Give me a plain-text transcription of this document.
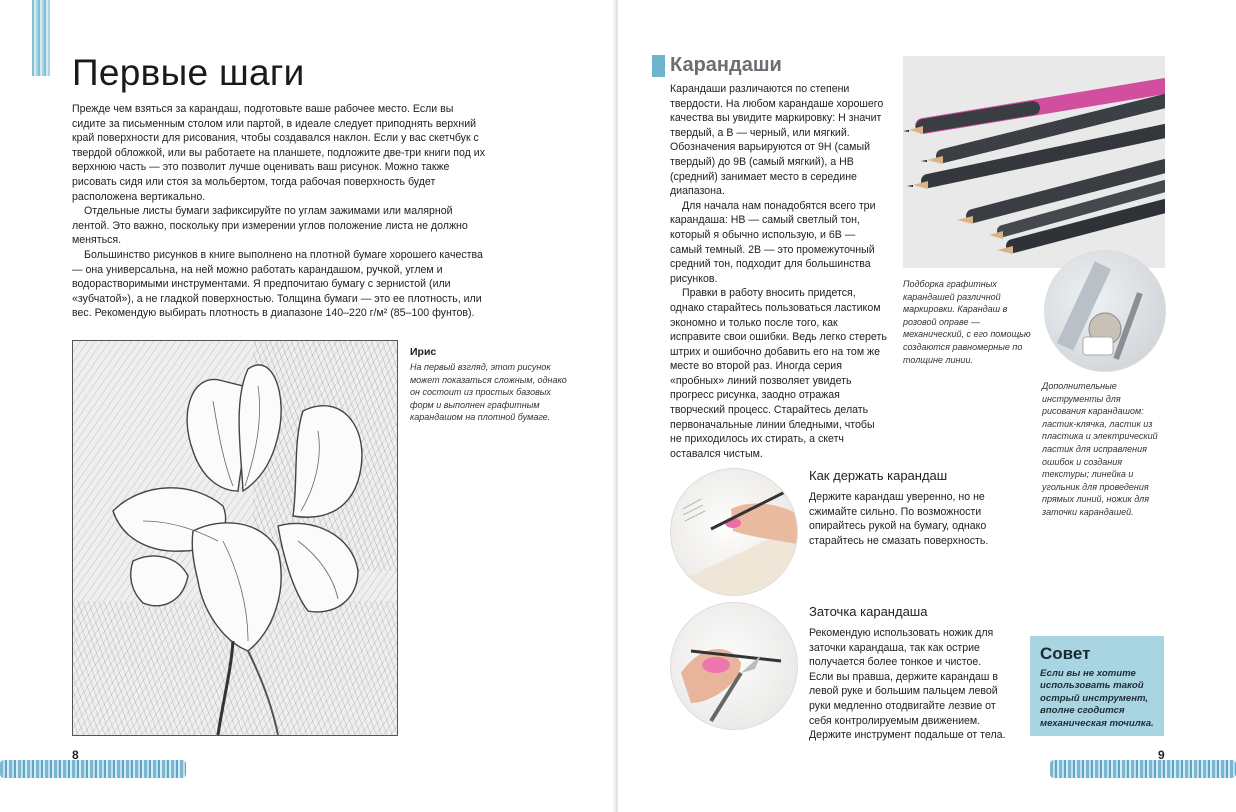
Первые шаги

Прежде чем взяться за карандаш, подготовьте ваше рабочее место. Если вы сидите за письменным столом или партой, в идеале следует приподнять верхний край поверхности для рисования, чтобы создавался наклон. Если у вас скетчбук с твердой обложкой, или вы работаете на планшете, подложите две-три книги под их верхнюю часть — это позволит лучше оценивать ваш рисунок. Можно также рисовать сидя или стоя за мольбертом, тогда рабочая поверхность будет расположена вертикально.

Отдельные листы бумаги зафиксируйте по углам зажимами или малярной лентой. Это важно, поскольку при измерении углов положение листа не должно меняться.

Большинство рисунков в книге выполнено на плотной бумаге хорошего качества — она универсальна, на ней можно работать карандашом, ручкой, углем и водорастворимыми инструментами. Я предпочитаю бумагу с зернистой (или «зубчатой»), а не гладкой поверхностью. Толщина бумаги — это ее плотность, или вес. Рекомендую выбирать плотность в диапазоне 140–220 г/м² (85–100 фунтов).

Ирис
На первый взгляд, этот рисунок может показаться сложным, однако он состоит из простых базовых форм и выполнен графитным карандашом на плотной бумаге.
8
Карандаши

Карандаши различаются по степени твердости. На любом карандаше хорошего качества вы увидите маркировку: H значит твердый, а B — черный, или мягкий. Обозначения варьируются от 9H (самый твердый) до 9B (самый мягкий), а HB (средний) занимает место в середине диапазона.

Для начала нам понадобятся всего три карандаша: HB — самый светлый тон, который я обычно использую, и 6B — самый темный. 2B — это промежуточный средний тон, подходит для большинства рисунков.

Правки в работу вносить придется, однако старайтесь пользоваться ластиком экономно и только после того, как исправите свои ошибки. Ведь легко стереть штрих и ошибочно добавить его на том же месте во второй раз. Иногда серия «пробных» линий позволяет увидеть прогресс рисунка, заодно отражая творческий процесс. Старайтесь делать первоначальные линии бледными, чтобы не приходилось их стирать, а скетч оставался чистым.

Подборка графитных карандашей различной маркировки. Карандаш в розовой оправе — механический, с его помощью создаются равномерные по толщине линии.
Дополнительные инструменты для рисования карандашом: ластик-клячка, ластик из пластика и электрический ластик для исправления ошибок и создания текстуры; линейка и угольник для проведения прямых линий, ножик для заточки карандашей.
Как держать карандаш
Держите карандаш уверенно, но не сжимайте сильно. По возможности опирайтесь рукой на бумагу, однако старайтесь не смазать поверхность.
Заточка карандаша
Рекомендую использовать ножик для заточки карандаша, так как острие получается более тонкое и чистое. Если вы правша, держите карандаш в левой руке и большим пальцем левой руки медленно отодвигайте лезвие от себя контролируемым движением. Держите инструмент подальше от тела.
Совет

Если вы не хотите использовать такой острый инструмент, вполне сгодится механическая точилка.

9
